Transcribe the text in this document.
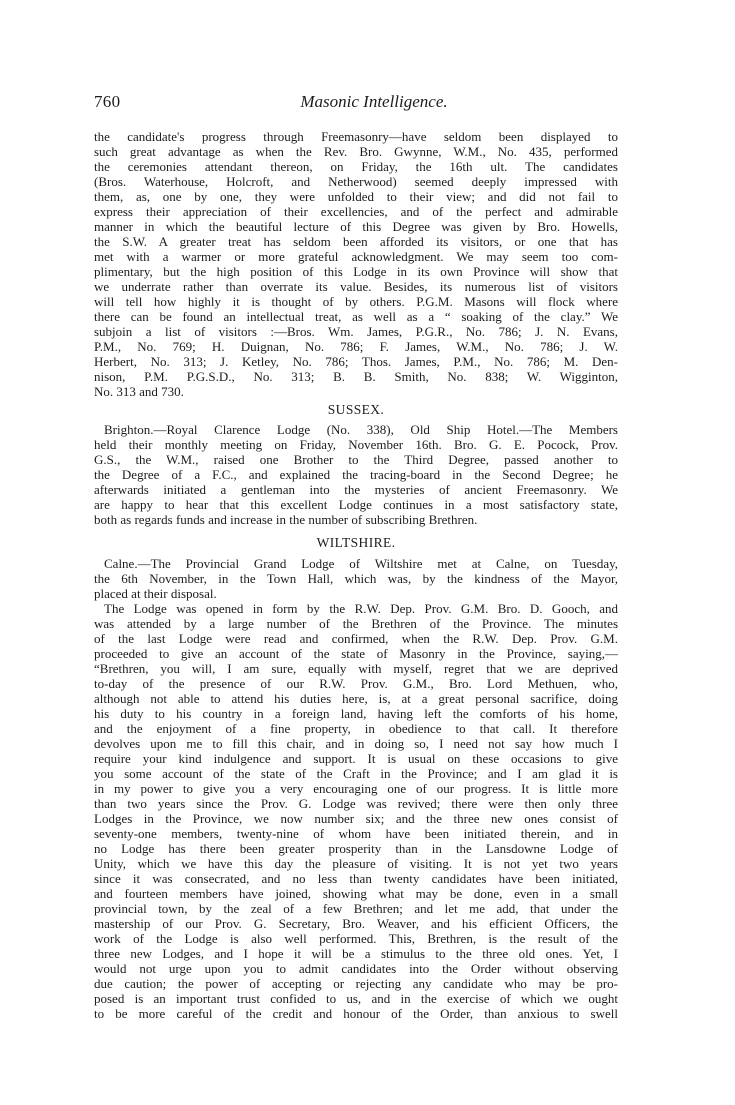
760	Masonic Intelligence.
the candidate's progress through Freemasonry—have seldom been displayed to
such great advantage as when the Rev. Bro. Gwynne, W.M., No. 435, performed
the ceremonies attendant thereon, on Friday, the 16th ult. The candidates
(Bros. Waterhouse, Holcroft, and Netherwood) seemed deeply impressed with
them, as, one by one, they were unfolded to their view; and did not fail to
express their appreciation of their excellencies, and of the perfect and admirable
manner in which the beautiful lecture of this Degree was given by Bro. Howells,
the S.W. A greater treat has seldom been afforded its visitors, or one that has
met with a warmer or more grateful acknowledgment. We may seem too com-
plimentary, but the high position of this Lodge in its own Province will show that
we underrate rather than overrate its value. Besides, its numerous list of visitors
will tell how highly it is thought of by others. P.G.M. Masons will flock where
there can be found an intellectual treat, as well as a “ soaking of the clay.” We
subjoin a list of visitors :—Bros. Wm. James, P.G.R., No. 786; J. N. Evans,
P.M., No. 769; H. Duignan, No. 786; F. James, W.M., No. 786; J. W.
Herbert, No. 313; J. Ketley, No. 786; Thos. James, P.M., No. 786; M. Den-
nison, P.M. P.G.S.D., No. 313; B. B. Smith, No. 838; W. Wigginton,
No. 313 and 730.
SUSSEX.
Brighton.—Royal Clarence Lodge (No. 338), Old Ship Hotel.—The Members
held their monthly meeting on Friday, November 16th. Bro. G. E. Pocock, Prov.
G.S., the W.M., raised one Brother to the Third Degree, passed another to
the Degree of a F.C., and explained the tracing-board in the Second Degree; he
afterwards initiated a gentleman into the mysteries of ancient Freemasonry. We
are happy to hear that this excellent Lodge continues in a most satisfactory state,
both as regards funds and increase in the number of subscribing Brethren.
WILTSHIRE.
Calne.—The Provincial Grand Lodge of Wiltshire met at Calne, on Tuesday,
the 6th November, in the Town Hall, which was, by the kindness of the Mayor,
placed at their disposal.
The Lodge was opened in form by the R.W. Dep. Prov. G.M. Bro. D. Gooch, and
was attended by a large number of the Brethren of the Province. The minutes
of the last Lodge were read and confirmed, when the R.W. Dep. Prov. G.M.
proceeded to give an account of the state of Masonry in the Province, saying,—
“Brethren, you will, I am sure, equally with myself, regret that we are deprived
to-day of the presence of our R.W. Prov. G.M., Bro. Lord Methuen, who,
although not able to attend his duties here, is, at a great personal sacrifice, doing
his duty to his country in a foreign land, having left the comforts of his home,
and the enjoyment of a fine property, in obedience to that call. It therefore
devolves upon me to fill this chair, and in doing so, I need not say how much I
require your kind indulgence and support. It is usual on these occasions to give
you some account of the state of the Craft in the Province; and I am glad it is
in my power to give you a very encouraging one of our progress. It is little more
than two years since the Prov. G. Lodge was revived; there were then only three
Lodges in the Province, we now number six; and the three new ones consist of
seventy-one members, twenty-nine of whom have been initiated therein, and in
no Lodge has there been greater prosperity than in the Lansdowne Lodge of
Unity, which we have this day the pleasure of visiting. It is not yet two years
since it was consecrated, and no less than twenty candidates have been initiated,
and fourteen members have joined, showing what may be done, even in a small
provincial town, by the zeal of a few Brethren; and let me add, that under the
mastership of our Prov. G. Secretary, Bro. Weaver, and his efficient Officers, the
work of the Lodge is also well performed. This, Brethren, is the result of the
three new Lodges, and I hope it will be a stimulus to the three old ones. Yet, I
would not urge upon you to admit candidates into the Order without observing
due caution; the power of accepting or rejecting any candidate who may be pro-
posed is an important trust confided to us, and in the exercise of which we ought
to be more careful of the credit and honour of the Order, than anxious to swell
